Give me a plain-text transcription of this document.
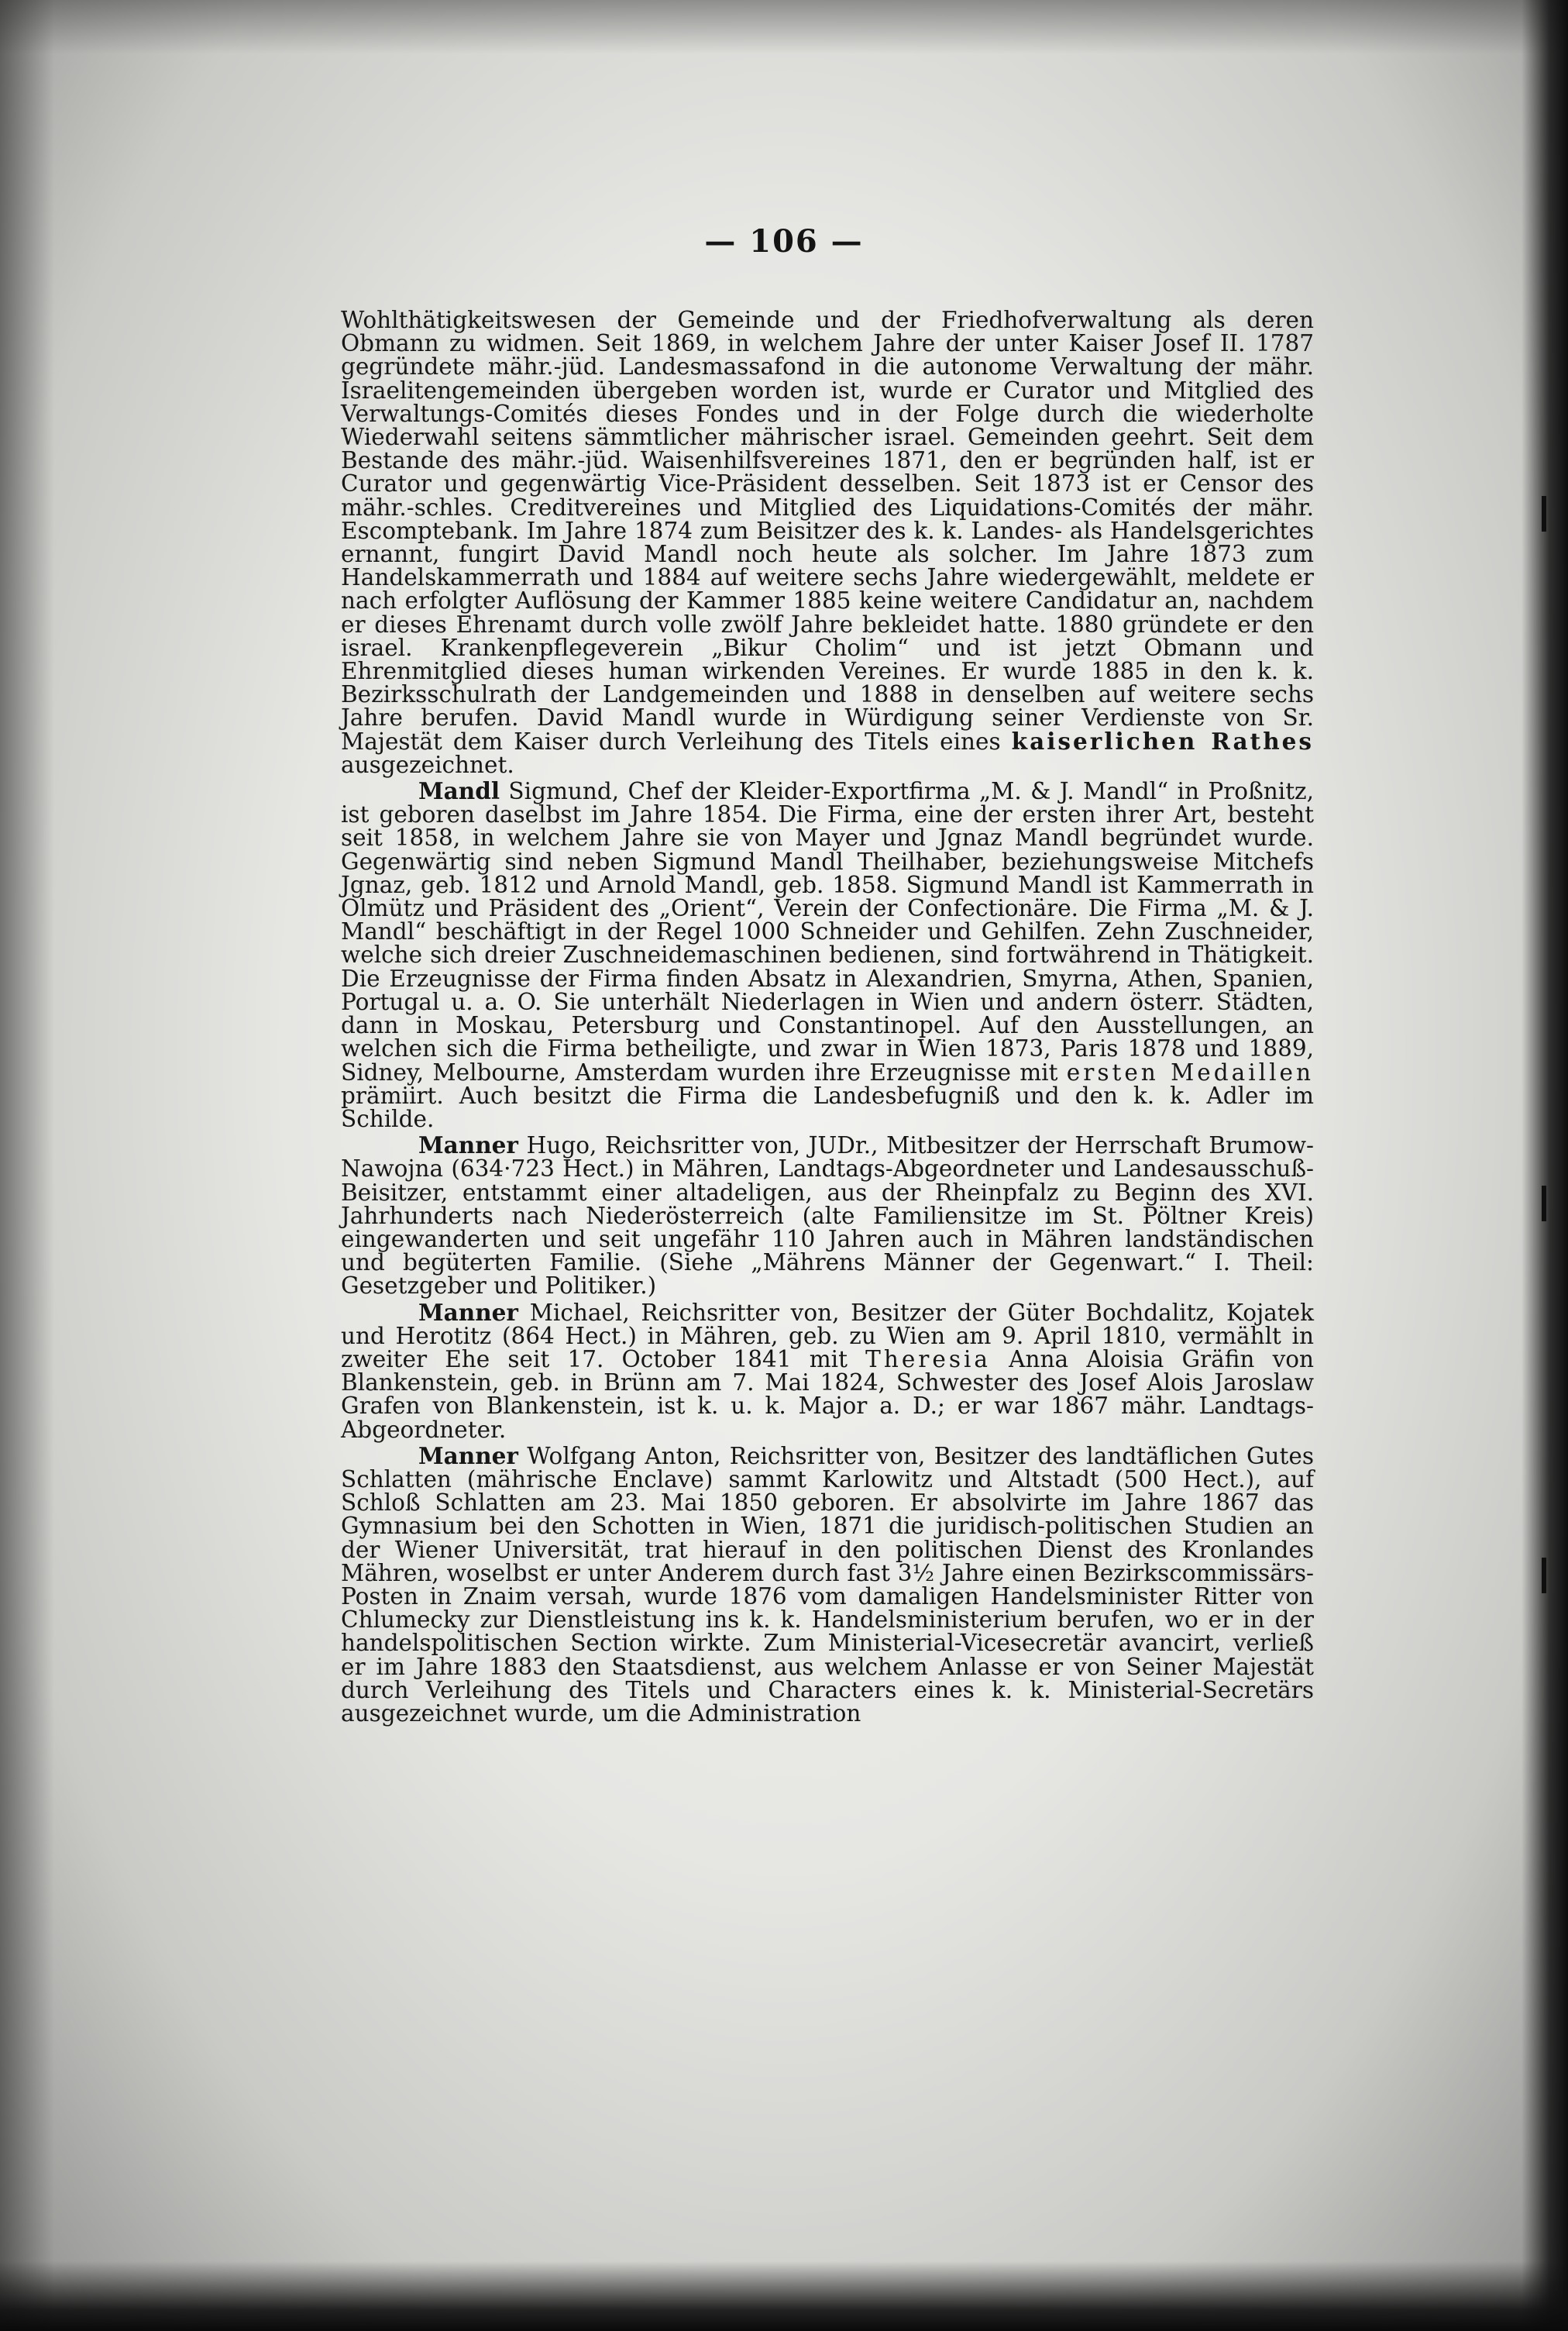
— 106 —

Wohlthätigkeitswesen der Gemeinde und der Friedhofverwaltung als deren Obmann zu widmen. Seit 1869, in welchem Jahre der unter Kaiser Josef II. 1787 gegründete mähr.-jüd. Landesmassafond in die autonome Verwaltung der mähr. Israelitengemeinden übergeben worden ist, wurde er Curator und Mitglied des Verwaltungs-Comités dieses Fondes und in der Folge durch die wiederholte Wiederwahl seitens sämmtlicher mährischer israel. Gemeinden geehrt. Seit dem Bestande des mähr.-jüd. Waisenhilfsvereines 1871, den er begründen half, ist er Curator und gegenwärtig Vice-Präsident desselben. Seit 1873 ist er Censor des mähr.-schles. Creditvereines und Mitglied des Liquidations-Comités der mähr. Escomptebank. Im Jahre 1874 zum Beisitzer des k. k. Landes- als Handelsgerichtes ernannt, fungirt David Mandl noch heute als solcher. Im Jahre 1873 zum Handelskammerrath und 1884 auf weitere sechs Jahre wiedergewählt, meldete er nach erfolgter Auflösung der Kammer 1885 keine weitere Candidatur an, nachdem er dieses Ehrenamt durch volle zwölf Jahre bekleidet hatte. 1880 gründete er den israel. Krankenpflegeverein „Bikur Cholim“ und ist jetzt Obmann und Ehrenmitglied dieses human wirkenden Vereines. Er wurde 1885 in den k. k. Bezirksschulrath der Landgemeinden und 1888 in denselben auf weitere sechs Jahre berufen. David Mandl wurde in Würdigung seiner Verdienste von Sr. Majestät dem Kaiser durch Verleihung des Titels eines kaiserlichen Rathes ausgezeichnet.

Mandl Sigmund, Chef der Kleider-Exportfirma „M. & J. Mandl“ in Proßnitz, ist geboren daselbst im Jahre 1854. Die Firma, eine der ersten ihrer Art, besteht seit 1858, in welchem Jahre sie von Mayer und Jgnaz Mandl begründet wurde. Gegenwärtig sind neben Sigmund Mandl Theilhaber, beziehungsweise Mitchefs Jgnaz, geb. 1812 und Arnold Mandl, geb. 1858. Sigmund Mandl ist Kammerrath in Olmütz und Präsident des „Orient“, Verein der Confectionäre. Die Firma „M. & J. Mandl“ beschäftigt in der Regel 1000 Schneider und Gehilfen. Zehn Zuschneider, welche sich dreier Zuschneidemaschinen bedienen, sind fortwährend in Thätigkeit. Die Erzeugnisse der Firma finden Absatz in Alexandrien, Smyrna, Athen, Spanien, Portugal u. a. O. Sie unterhält Niederlagen in Wien und andern österr. Städten, dann in Moskau, Petersburg und Constantinopel. Auf den Ausstellungen, an welchen sich die Firma betheiligte, und zwar in Wien 1873, Paris 1878 und 1889, Sidney, Melbourne, Amsterdam wurden ihre Erzeugnisse mit ersten Medaillen prämiirt. Auch besitzt die Firma die Landesbefugniß und den k. k. Adler im Schilde.

Manner Hugo, Reichsritter von, JUDr., Mitbesitzer der Herrschaft Brumow-Nawojna (634·723 Hect.) in Mähren, Landtags-Abgeordneter und Landesausschuß-Beisitzer, entstammt einer altadeligen, aus der Rheinpfalz zu Beginn des XVI. Jahrhunderts nach Niederösterreich (alte Familiensitze im St. Pöltner Kreis) eingewanderten und seit ungefähr 110 Jahren auch in Mähren landständischen und begüterten Familie. (Siehe „Mährens Männer der Gegenwart.“ I. Theil: Gesetzgeber und Politiker.)

Manner Michael, Reichsritter von, Besitzer der Güter Bochdalitz, Kojatek und Herotitz (864 Hect.) in Mähren, geb. zu Wien am 9. April 1810, vermählt in zweiter Ehe seit 17. October 1841 mit Theresia Anna Aloisia Gräfin von Blankenstein, geb. in Brünn am 7. Mai 1824, Schwester des Josef Alois Jaroslaw Grafen von Blankenstein, ist k. u. k. Major a. D.; er war 1867 mähr. Landtags-Abgeordneter.

Manner Wolfgang Anton, Reichsritter von, Besitzer des landtäflichen Gutes Schlatten (mährische Enclave) sammt Karlowitz und Altstadt (500 Hect.), auf Schloß Schlatten am 23. Mai 1850 geboren. Er absolvirte im Jahre 1867 das Gymnasium bei den Schotten in Wien, 1871 die juridisch-politischen Studien an der Wiener Universität, trat hierauf in den politischen Dienst des Kronlandes Mähren, woselbst er unter Anderem durch fast 3½ Jahre einen Bezirkscommissärs-Posten in Znaim versah, wurde 1876 vom damaligen Handelsminister Ritter von Chlumecky zur Dienstleistung ins k. k. Handelsministerium berufen, wo er in der handelspolitischen Section wirkte. Zum Ministerial-Vicesecretär avancirt, verließ er im Jahre 1883 den Staatsdienst, aus welchem Anlasse er von Seiner Majestät durch Verleihung des Titels und Characters eines k. k. Ministerial-Secretärs ausgezeichnet wurde, um die Administration
